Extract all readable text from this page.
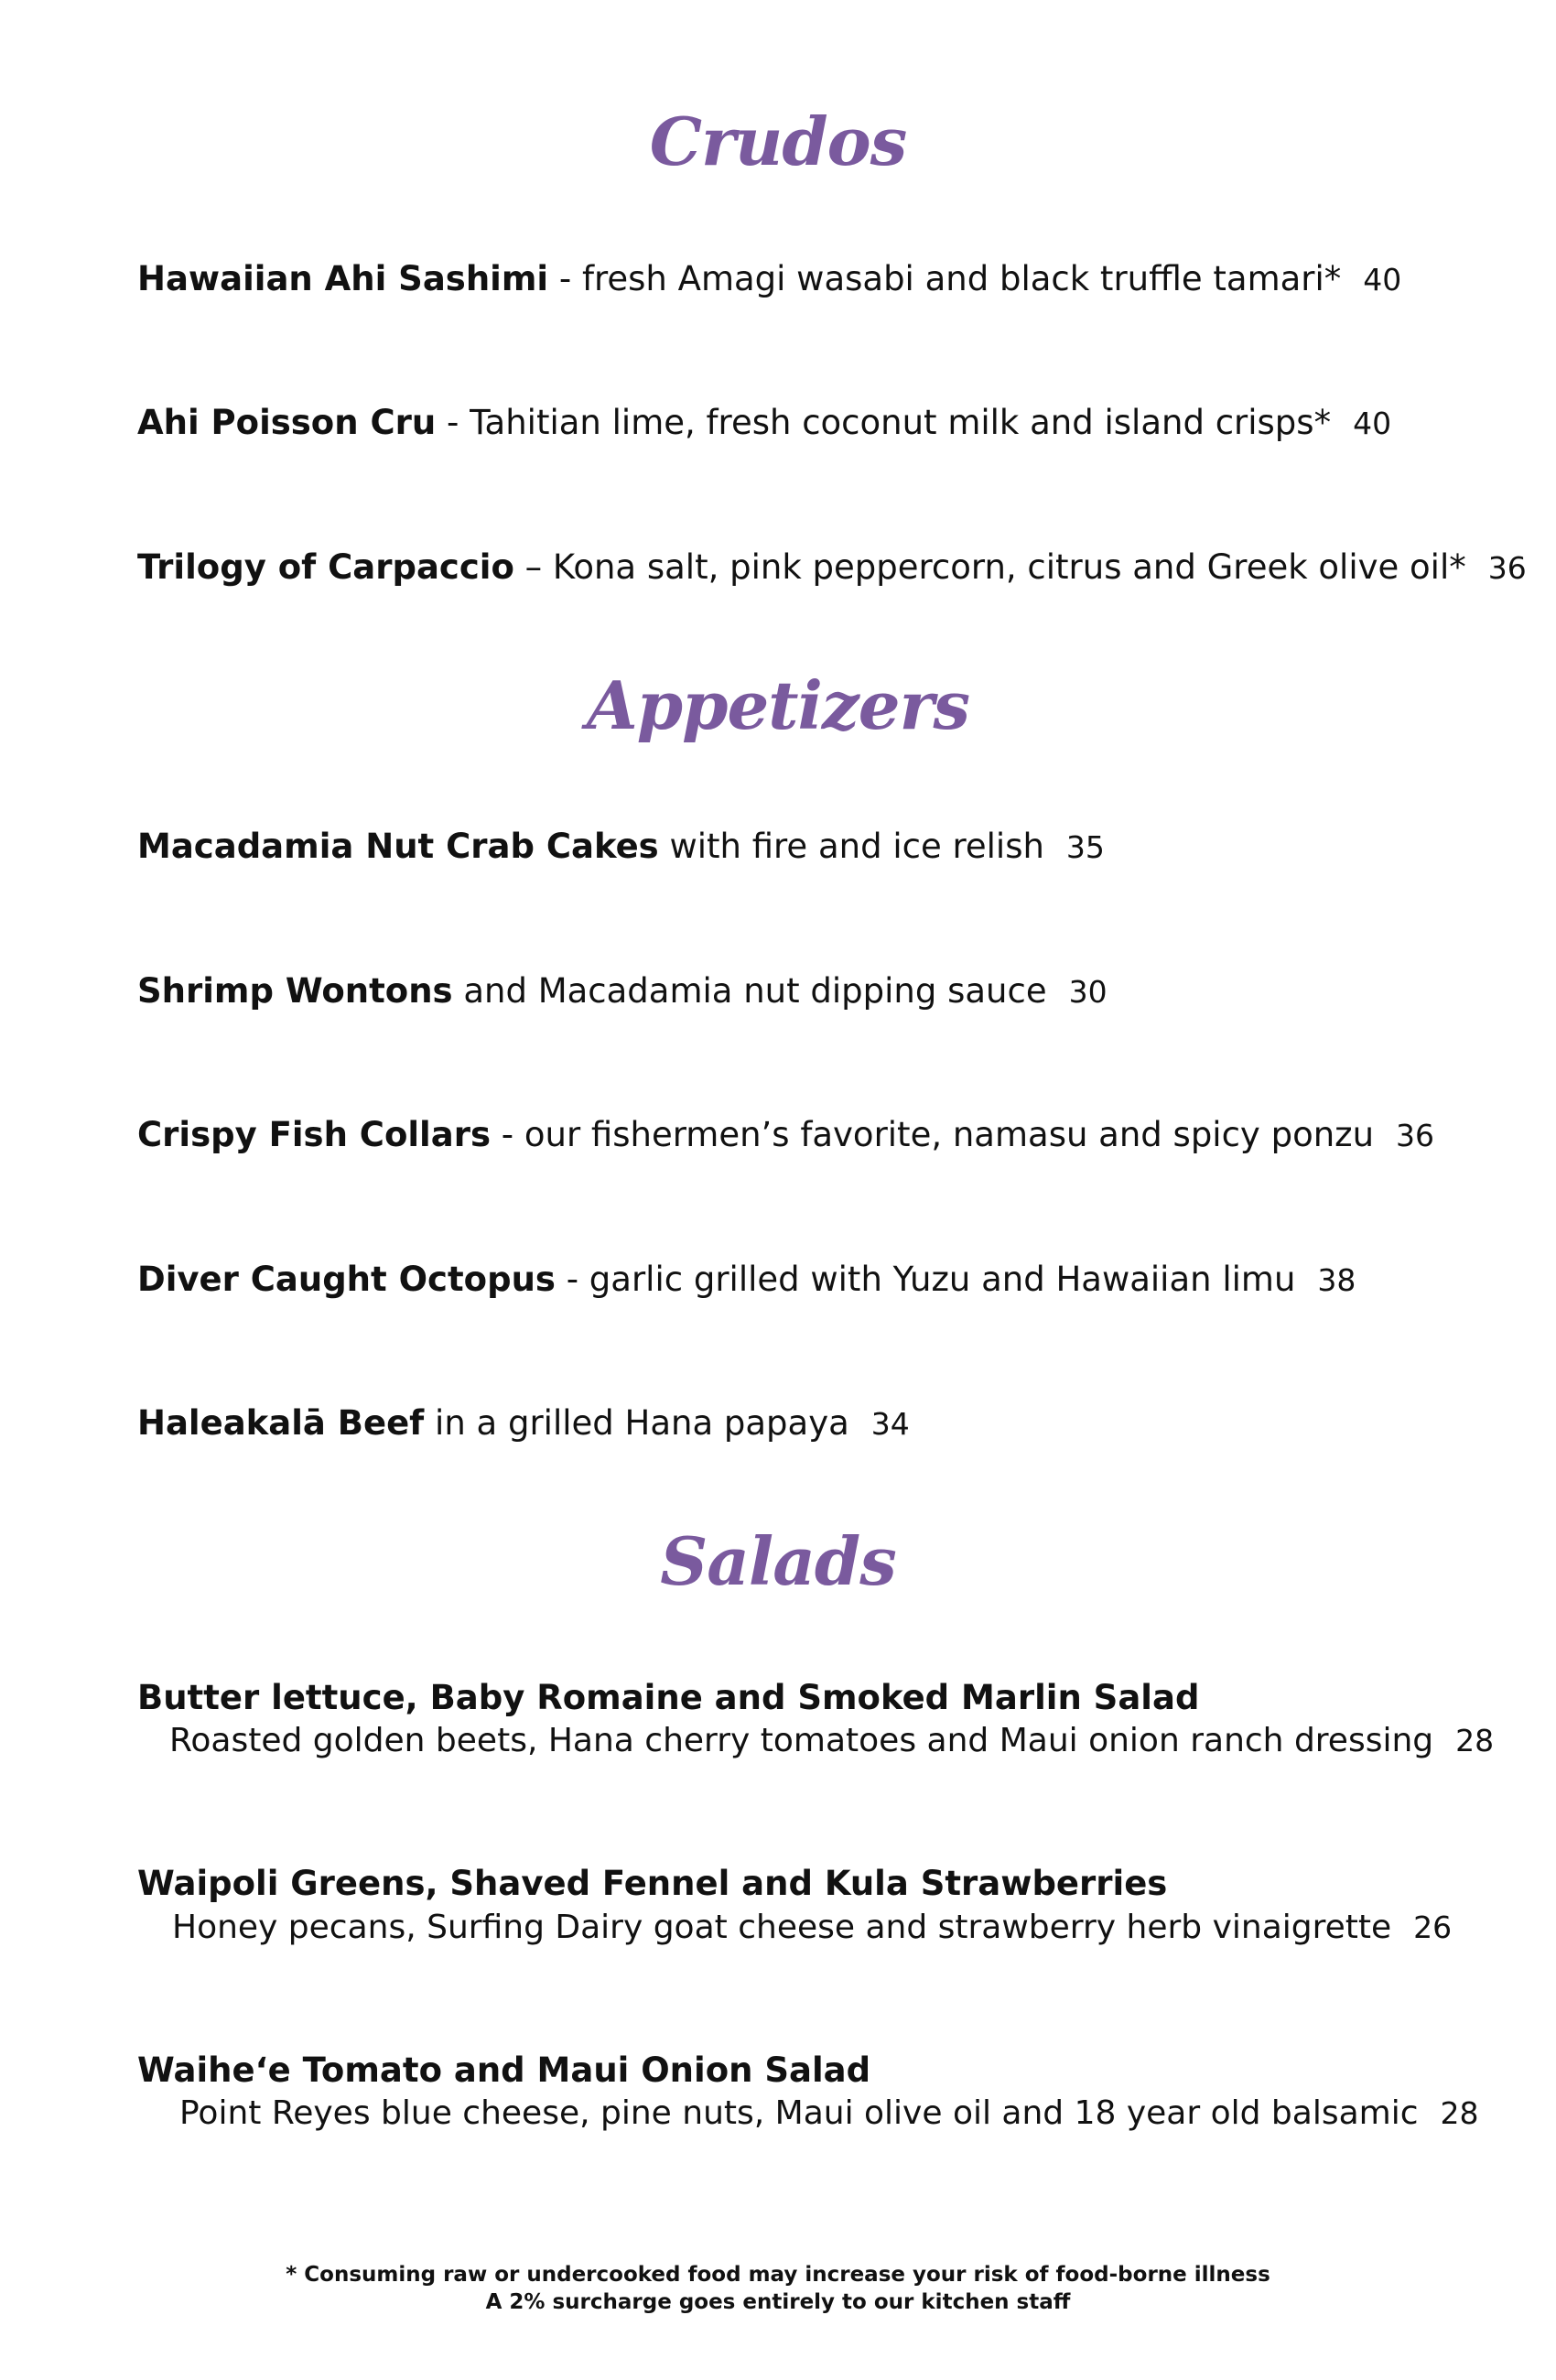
Crudos
Hawaiian Ahi Sashimi - fresh Amagi wasabi and black truffle tamari* 40
Ahi Poisson Cru - Tahitian lime, fresh coconut milk and island crisps* 40
Trilogy of Carpaccio – Kona salt, pink peppercorn, citrus and Greek olive oil* 36
Appetizers
Macadamia Nut Crab Cakes with fire and ice relish 35
Shrimp Wontons and Macadamia nut dipping sauce 30
Crispy Fish Collars - our fishermen’s favorite, namasu and spicy ponzu 36
Diver Caught Octopus - garlic grilled with Yuzu and Hawaiian limu 38
Haleakalā Beef in a grilled Hana papaya 34
Salads
Butter lettuce, Baby Romaine and Smoked Marlin Salad
Roasted golden beets, Hana cherry tomatoes and Maui onion ranch dressing 28
Waipoli Greens, Shaved Fennel and Kula Strawberries
Honey pecans, Surfing Dairy goat cheese and strawberry herb vinaigrette 26
Waihe‘e Tomato and Maui Onion Salad
Point Reyes blue cheese, pine nuts, Maui olive oil and 18 year old balsamic 28
* Consuming raw or undercooked food may increase your risk of food-borne illness
A 2% surcharge goes entirely to our kitchen staff
